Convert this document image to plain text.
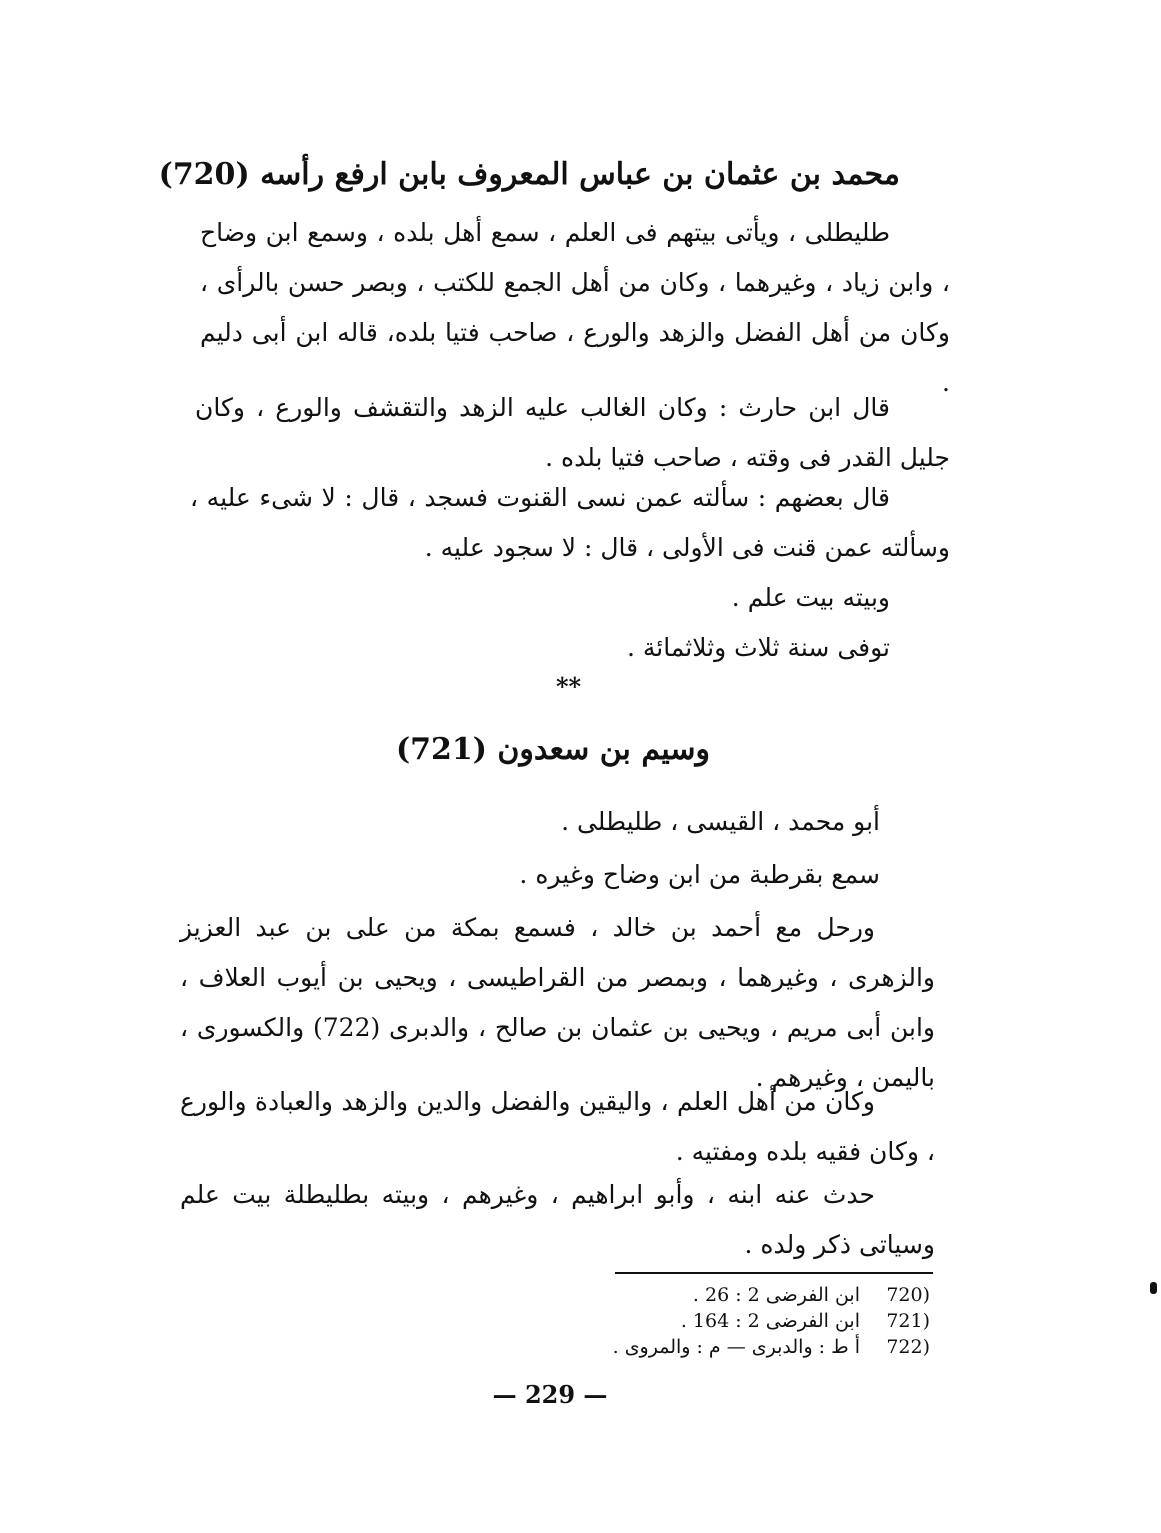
محمد بن عثمان بن عباس المعروف بابن ارفع رأسه (720)
طليطلى ، ويأتى بيتهم فى العلم ، سمع أهل بلده ، وسمع ابن وضاح ، وابن زياد ، وغيرهما ، وكان من أهل الجمع للكتب ، وبصر حسن بالرأى ، وكان من أهل الفضل والزهد والورع ، صاحب فتيا بلده، قاله ابن أبى دليم .
قال ابن حارث : وكان الغالب عليه الزهد والتقشف والورع ، وكان جليل القدر فى وقته ، صاحب فتيا بلده .
قال بعضهم : سألته عمن نسى القنوت فسجد ، قال : لا شىء عليه ، وسألته عمن قنت فى الأولى ، قال : لا سجود عليه .
وبيته بيت علم .
توفى سنة ثلاث وثلاثمائة .
**
وسيم بن سعدون (721)
أبو محمد ، القيسى ، طليطلى .
سمع بقرطبة من ابن وضاح وغيره .
ورحل مع أحمد بن خالد ، فسمع بمكة من على بن عبد العزيز والزهرى ، وغيرهما ، وبمصر من القراطيسى ، ويحيى بن أيوب العلاف ، وابن أبى مريم ، ويحيى بن عثمان بن صالح ، والدبرى (722) والكسورى ، باليمن ، وغيرهم .
وكان من أهل العلم ، واليقين والفضل والدين والزهد والعبادة والورع ، وكان فقيه بلده ومفتيه .
حدث عنه ابنه ، وأبو ابراهيم ، وغيرهم ، وبيته بطليطلة بيت علم وسياتى ذكر ولده .
720)
ابن الفرضى 2 : 26 .
721)
ابن الفرضى 2 : 164 .
722)
أ ط : والدبرى — م : والمروى .
— 229 —
